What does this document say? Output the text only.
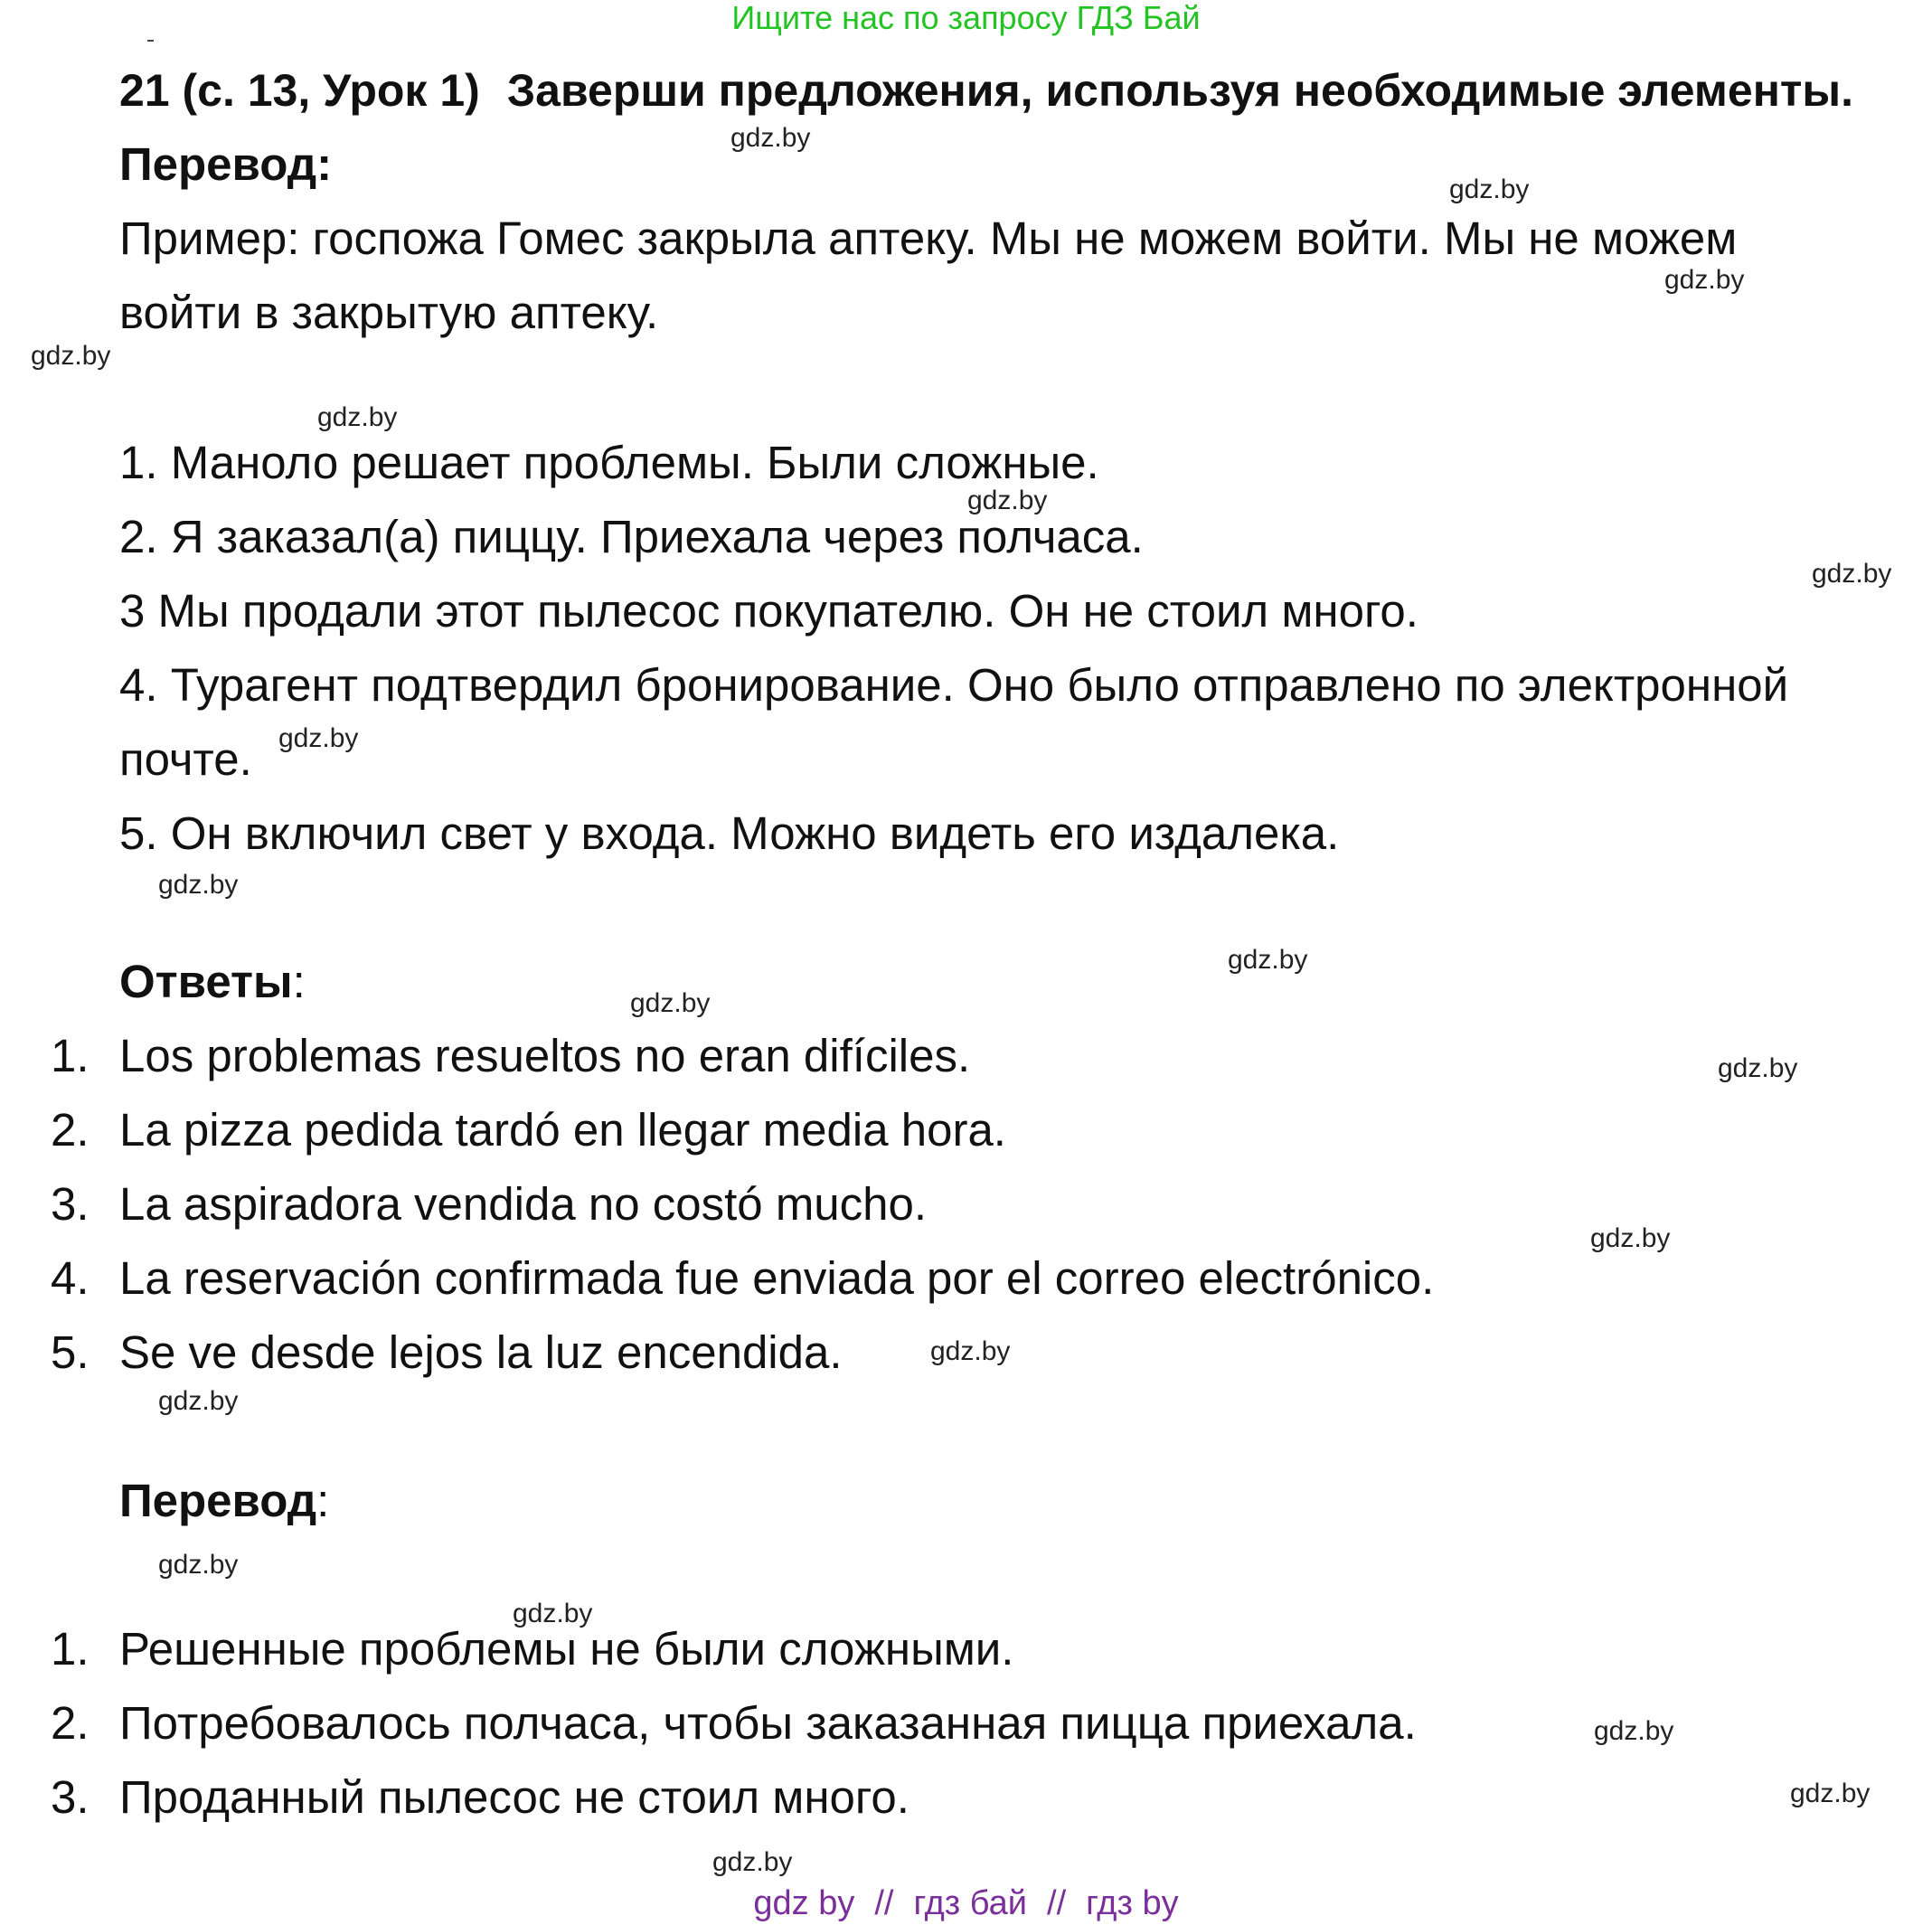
Ищите нас по запросу ГДЗ Бай
21 (с. 13, Урок 1) Заверши предложения, используя необходимые элементы.
Перевод:
Пример: госпожа Гомес закрыла аптеку. Мы не можем войти. Мы не можем
войти в закрытую аптеку.
1. Маноло решает проблемы. Были сложные.
2. Я заказал(а) пиццу. Приехала через полчаса.
3 Мы продали этот пылесос покупателю. Он не стоил много.
4. Турагент подтвердил бронирование. Оно было отправлено по электронной
почте.
5. Он включил свет у входа. Можно видеть его издалека.
Ответы:
1. Los problemas resueltos no eran difíciles.
2. La pizza pedida tardó en llegar media hora.
3. La aspiradora vendida no costó mucho.
4. La reservación confirmada fue enviada por el correo electrónico.
5. Se ve desde lejos la luz encendida.
Перевод:
1. Решенные проблемы не были сложными.
2. Потребовалось полчаса, чтобы заказанная пицца приехала.
3. Проданный пылесос не стоил много.
gdz.by
gdz.by
gdz.by
gdz.by
gdz.by
gdz.by
gdz.by
gdz.by
gdz.by
gdz.by
gdz.by
gdz.by
gdz.by
gdz.by
gdz.by
gdz.by
gdz.by
gdz.by
gdz.by
gdz.by
gdz by // гдз бай // гдз by
